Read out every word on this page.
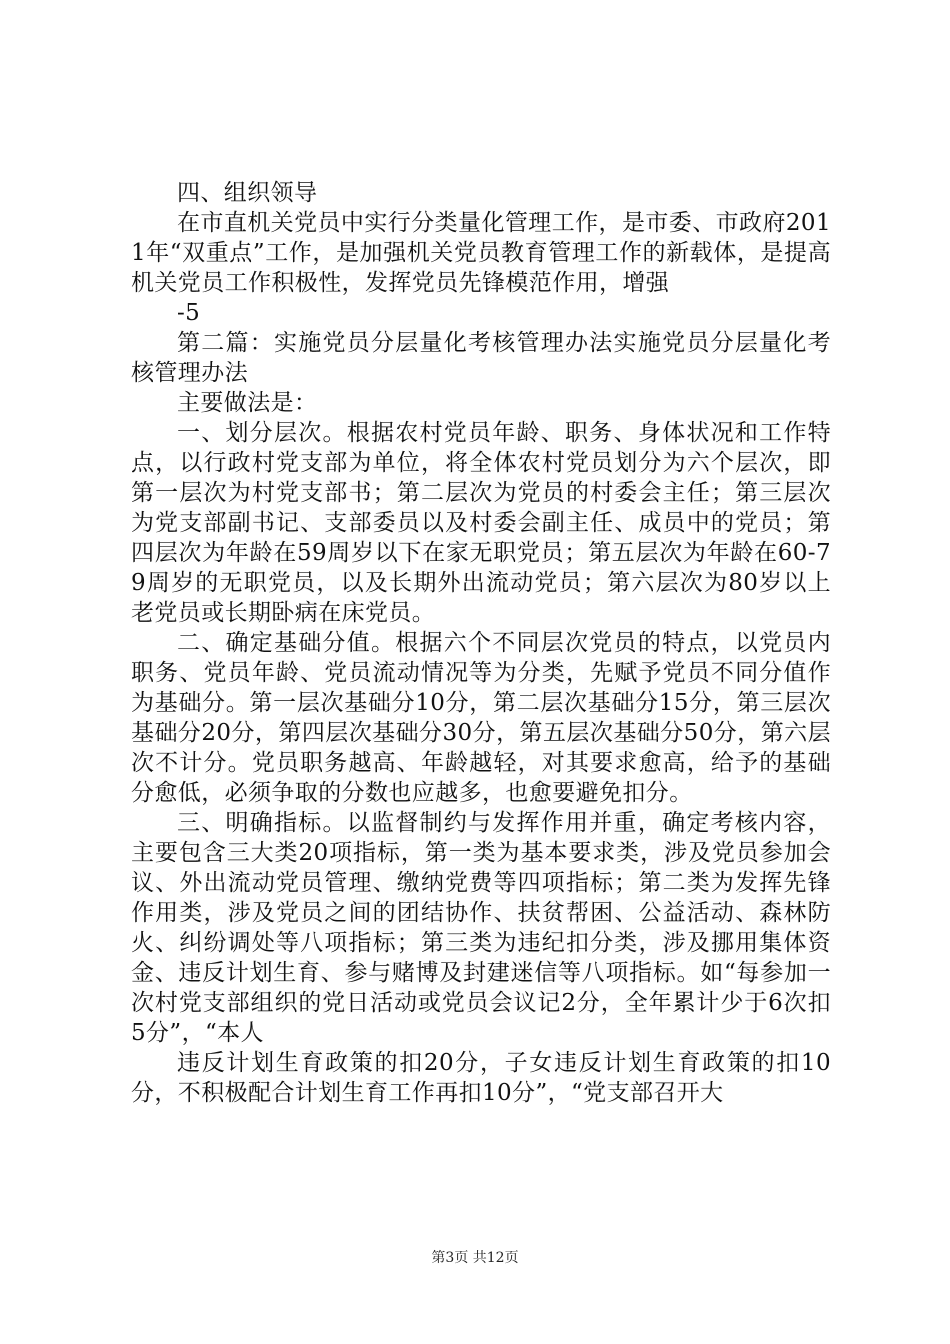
四、组织领导

在市直机关党员中实行分类量化管理工作，是市委、市政府2011年“双重点”工作，是加强机关党员教育管理工作的新载体，是提高机关党员工作积极性，发挥党员先锋模范作用，增强

-5

第二篇：实施党员分层量化考核管理办法实施党员分层量化考核管理办法

主要做法是：

一、划分层次。根据农村党员年龄、职务、身体状况和工作特点，以行政村党支部为单位，将全体农村党员划分为六个层次，即第一层次为村党支部书；第二层次为党员的村委会主任；第三层次为党支部副书记、支部委员以及村委会副主任、成员中的党员；第四层次为年龄在59周岁以下在家无职党员；第五层次为年龄在60-79周岁的无职党员，以及长期外出流动党员；第六层次为80岁以上老党员或长期卧病在床党员。

二、确定基础分值。根据六个不同层次党员的特点，以党员内职务、党员年龄、党员流动情况等为分类，先赋予党员不同分值作为基础分。第一层次基础分10分，第二层次基础分15分，第三层次基础分20分，第四层次基础分30分，第五层次基础分50分，第六层次不计分。党员职务越高、年龄越轻，对其要求愈高，给予的基础分愈低，必须争取的分数也应越多，也愈要避免扣分。

三、明确指标。以监督制约与发挥作用并重，确定考核内容，主要包含三大类20项指标，第一类为基本要求类，涉及党员参加会议、外出流动党员管理、缴纳党费等四项指标；第二类为发挥先锋作用类，涉及党员之间的团结协作、扶贫帮困、公益活动、森林防火、纠纷调处等八项指标；第三类为违纪扣分类，涉及挪用集体资金、违反计划生育、参与赌博及封建迷信等八项指标。如“每参加一次村党支部组织的党日活动或党员会议记2分，全年累计少于6次扣5分”，“本人

违反计划生育政策的扣20分，子女违反计划生育政策的扣10分，不积极配合计划生育工作再扣10分”，“党支部召开大

第3页 共12页
